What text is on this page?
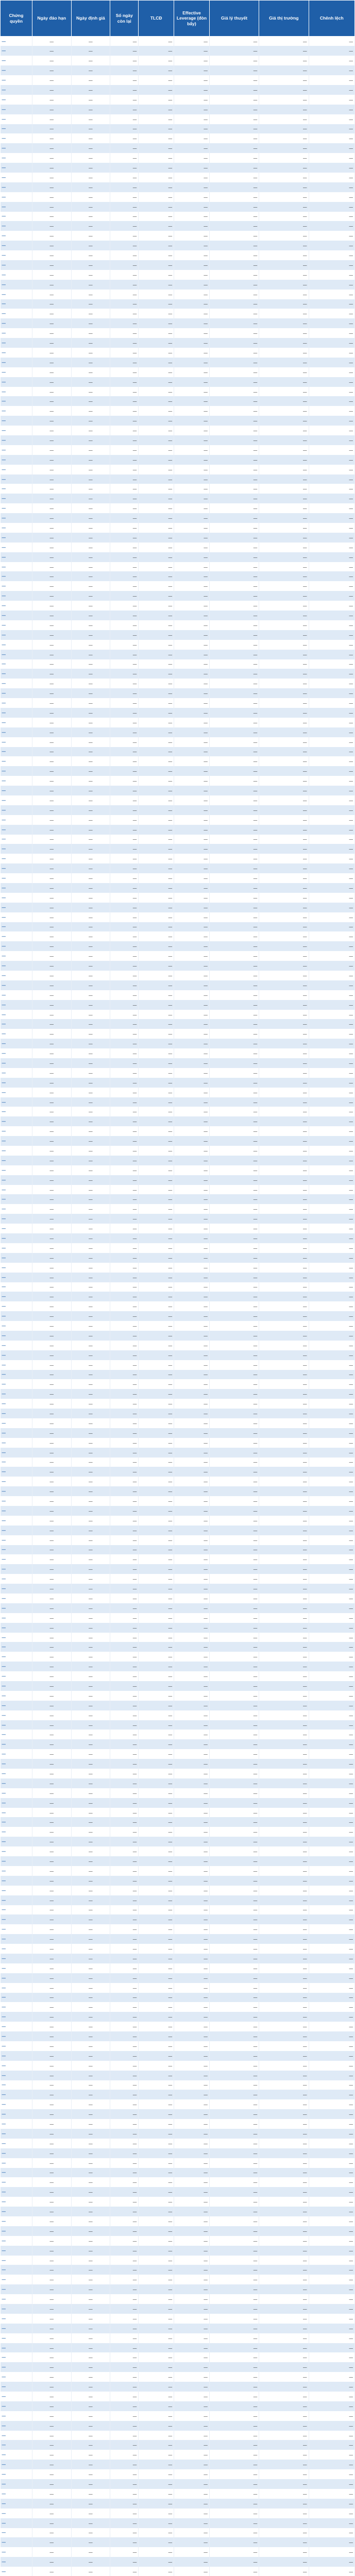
Chứng quyền	Ngày đáo hạn	Ngày định giá	Số ngày còn lại	TLCĐ	Effective Leverage (đòn bẩy)	Giá lý thuyết	Giá thị trường	Chênh lệch
—	—	—	—	—	—	—	—	—
—	—	—	—	—	—	—	—	—
—	—	—	—	—	—	—	—	—
—	—	—	—	—	—	—	—	—
—	—	—	—	—	—	—	—	—
—	—	—	—	—	—	—	—	—
—	—	—	—	—	—	—	—	—
—	—	—	—	—	—	—	—	—
—	—	—	—	—	—	—	—	—
—	—	—	—	—	—	—	—	—
—	—	—	—	—	—	—	—	—
—	—	—	—	—	—	—	—	—
—	—	—	—	—	—	—	—	—
—	—	—	—	—	—	—	—	—
—	—	—	—	—	—	—	—	—
—	—	—	—	—	—	—	—	—
—	—	—	—	—	—	—	—	—
—	—	—	—	—	—	—	—	—
—	—	—	—	—	—	—	—	—
—	—	—	—	—	—	—	—	—
—	—	—	—	—	—	—	—	—
—	—	—	—	—	—	—	—	—
—	—	—	—	—	—	—	—	—
—	—	—	—	—	—	—	—	—
—	—	—	—	—	—	—	—	—
—	—	—	—	—	—	—	—	—
—	—	—	—	—	—	—	—	—
—	—	—	—	—	—	—	—	—
—	—	—	—	—	—	—	—	—
—	—	—	—	—	—	—	—	—
—	—	—	—	—	—	—	—	—
—	—	—	—	—	—	—	—	—
—	—	—	—	—	—	—	—	—
—	—	—	—	—	—	—	—	—
—	—	—	—	—	—	—	—	—
—	—	—	—	—	—	—	—	—
—	—	—	—	—	—	—	—	—
—	—	—	—	—	—	—	—	—
—	—	—	—	—	—	—	—	—
—	—	—	—	—	—	—	—	—
—	—	—	—	—	—	—	—	—
—	—	—	—	—	—	—	—	—
—	—	—	—	—	—	—	—	—
—	—	—	—	—	—	—	—	—
—	—	—	—	—	—	—	—	—
—	—	—	—	—	—	—	—	—
—	—	—	—	—	—	—	—	—
—	—	—	—	—	—	—	—	—
—	—	—	—	—	—	—	—	—
—	—	—	—	—	—	—	—	—
—	—	—	—	—	—	—	—	—
—	—	—	—	—	—	—	—	—
—	—	—	—	—	—	—	—	—
—	—	—	—	—	—	—	—	—
—	—	—	—	—	—	—	—	—
—	—	—	—	—	—	—	—	—
—	—	—	—	—	—	—	—	—
—	—	—	—	—	—	—	—	—
—	—	—	—	—	—	—	—	—
—	—	—	—	—	—	—	—	—
—	—	—	—	—	—	—	—	—
—	—	—	—	—	—	—	—	—
—	—	—	—	—	—	—	—	—
—	—	—	—	—	—	—	—	—
—	—	—	—	—	—	—	—	—
—	—	—	—	—	—	—	—	—
—	—	—	—	—	—	—	—	—
—	—	—	—	—	—	—	—	—
—	—	—	—	—	—	—	—	—
—	—	—	—	—	—	—	—	—
—	—	—	—	—	—	—	—	—
—	—	—	—	—	—	—	—	—
—	—	—	—	—	—	—	—	—
—	—	—	—	—	—	—	—	—
—	—	—	—	—	—	—	—	—
—	—	—	—	—	—	—	—	—
—	—	—	—	—	—	—	—	—
—	—	—	—	—	—	—	—	—
—	—	—	—	—	—	—	—	—
—	—	—	—	—	—	—	—	—
—	—	—	—	—	—	—	—	—
—	—	—	—	—	—	—	—	—
—	—	—	—	—	—	—	—	—
—	—	—	—	—	—	—	—	—
—	—	—	—	—	—	—	—	—
—	—	—	—	—	—	—	—	—
—	—	—	—	—	—	—	—	—
—	—	—	—	—	—	—	—	—
—	—	—	—	—	—	—	—	—
—	—	—	—	—	—	—	—	—
—	—	—	—	—	—	—	—	—
—	—	—	—	—	—	—	—	—
—	—	—	—	—	—	—	—	—
—	—	—	—	—	—	—	—	—
—	—	—	—	—	—	—	—	—
—	—	—	—	—	—	—	—	—
—	—	—	—	—	—	—	—	—
—	—	—	—	—	—	—	—	—
—	—	—	—	—	—	—	—	—
—	—	—	—	—	—	—	—	—
—	—	—	—	—	—	—	—	—
—	—	—	—	—	—	—	—	—
—	—	—	—	—	—	—	—	—
—	—	—	—	—	—	—	—	—
—	—	—	—	—	—	—	—	—
—	—	—	—	—	—	—	—	—
—	—	—	—	—	—	—	—	—
—	—	—	—	—	—	—	—	—
—	—	—	—	—	—	—	—	—
—	—	—	—	—	—	—	—	—
—	—	—	—	—	—	—	—	—
—	—	—	—	—	—	—	—	—
—	—	—	—	—	—	—	—	—
—	—	—	—	—	—	—	—	—
—	—	—	—	—	—	—	—	—
—	—	—	—	—	—	—	—	—
—	—	—	—	—	—	—	—	—
—	—	—	—	—	—	—	—	—
—	—	—	—	—	—	—	—	—
—	—	—	—	—	—	—	—	—
—	—	—	—	—	—	—	—	—
—	—	—	—	—	—	—	—	—
—	—	—	—	—	—	—	—	—
—	—	—	—	—	—	—	—	—
—	—	—	—	—	—	—	—	—
—	—	—	—	—	—	—	—	—
—	—	—	—	—	—	—	—	—
—	—	—	—	—	—	—	—	—
—	—	—	—	—	—	—	—	—
—	—	—	—	—	—	—	—	—
—	—	—	—	—	—	—	—	—
—	—	—	—	—	—	—	—	—
—	—	—	—	—	—	—	—	—
—	—	—	—	—	—	—	—	—
—	—	—	—	—	—	—	—	—
—	—	—	—	—	—	—	—	—
—	—	—	—	—	—	—	—	—
—	—	—	—	—	—	—	—	—
—	—	—	—	—	—	—	—	—
—	—	—	—	—	—	—	—	—
—	—	—	—	—	—	—	—	—
—	—	—	—	—	—	—	—	—
—	—	—	—	—	—	—	—	—
—	—	—	—	—	—	—	—	—
—	—	—	—	—	—	—	—	—
—	—	—	—	—	—	—	—	—
—	—	—	—	—	—	—	—	—
—	—	—	—	—	—	—	—	—
—	—	—	—	—	—	—	—	—
—	—	—	—	—	—	—	—	—
—	—	—	—	—	—	—	—	—
—	—	—	—	—	—	—	—	—
—	—	—	—	—	—	—	—	—
—	—	—	—	—	—	—	—	—
—	—	—	—	—	—	—	—	—
—	—	—	—	—	—	—	—	—
—	—	—	—	—	—	—	—	—
—	—	—	—	—	—	—	—	—
—	—	—	—	—	—	—	—	—
—	—	—	—	—	—	—	—	—
—	—	—	—	—	—	—	—	—
—	—	—	—	—	—	—	—	—
—	—	—	—	—	—	—	—	—
—	—	—	—	—	—	—	—	—
—	—	—	—	—	—	—	—	—
—	—	—	—	—	—	—	—	—
—	—	—	—	—	—	—	—	—
—	—	—	—	—	—	—	—	—
—	—	—	—	—	—	—	—	—
—	—	—	—	—	—	—	—	—
—	—	—	—	—	—	—	—	—
—	—	—	—	—	—	—	—	—
—	—	—	—	—	—	—	—	—
—	—	—	—	—	—	—	—	—
—	—	—	—	—	—	—	—	—
—	—	—	—	—	—	—	—	—
—	—	—	—	—	—	—	—	—
—	—	—	—	—	—	—	—	—
—	—	—	—	—	—	—	—	—
—	—	—	—	—	—	—	—	—
—	—	—	—	—	—	—	—	—
—	—	—	—	—	—	—	—	—
—	—	—	—	—	—	—	—	—
—	—	—	—	—	—	—	—	—
—	—	—	—	—	—	—	—	—
—	—	—	—	—	—	—	—	—
—	—	—	—	—	—	—	—	—
—	—	—	—	—	—	—	—	—
—	—	—	—	—	—	—	—	—
—	—	—	—	—	—	—	—	—
—	—	—	—	—	—	—	—	—
—	—	—	—	—	—	—	—	—
—	—	—	—	—	—	—	—	—
—	—	—	—	—	—	—	—	—
—	—	—	—	—	—	—	—	—
—	—	—	—	—	—	—	—	—
—	—	—	—	—	—	—	—	—
—	—	—	—	—	—	—	—	—
—	—	—	—	—	—	—	—	—
—	—	—	—	—	—	—	—	—
—	—	—	—	—	—	—	—	—
—	—	—	—	—	—	—	—	—
—	—	—	—	—	—	—	—	—
—	—	—	—	—	—	—	—	—
—	—	—	—	—	—	—	—	—
—	—	—	—	—	—	—	—	—
—	—	—	—	—	—	—	—	—
—	—	—	—	—	—	—	—	—
—	—	—	—	—	—	—	—	—
—	—	—	—	—	—	—	—	—
—	—	—	—	—	—	—	—	—
—	—	—	—	—	—	—	—	—
—	—	—	—	—	—	—	—	—
—	—	—	—	—	—	—	—	—
—	—	—	—	—	—	—	—	—
—	—	—	—	—	—	—	—	—
—	—	—	—	—	—	—	—	—
—	—	—	—	—	—	—	—	—
—	—	—	—	—	—	—	—	—
—	—	—	—	—	—	—	—	—
—	—	—	—	—	—	—	—	—
—	—	—	—	—	—	—	—	—
—	—	—	—	—	—	—	—	—
—	—	—	—	—	—	—	—	—
—	—	—	—	—	—	—	—	—
—	—	—	—	—	—	—	—	—
—	—	—	—	—	—	—	—	—
—	—	—	—	—	—	—	—	—
—	—	—	—	—	—	—	—	—
—	—	—	—	—	—	—	—	—
—	—	—	—	—	—	—	—	—
—	—	—	—	—	—	—	—	—
—	—	—	—	—	—	—	—	—
—	—	—	—	—	—	—	—	—
—	—	—	—	—	—	—	—	—
—	—	—	—	—	—	—	—	—
—	—	—	—	—	—	—	—	—
—	—	—	—	—	—	—	—	—
—	—	—	—	—	—	—	—	—
—	—	—	—	—	—	—	—	—
—	—	—	—	—	—	—	—	—
—	—	—	—	—	—	—	—	—
—	—	—	—	—	—	—	—	—
—	—	—	—	—	—	—	—	—
—	—	—	—	—	—	—	—	—
—	—	—	—	—	—	—	—	—
—	—	—	—	—	—	—	—	—
—	—	—	—	—	—	—	—	—
—	—	—	—	—	—	—	—	—
—	—	—	—	—	—	—	—	—
—	—	—	—	—	—	—	—	—
—	—	—	—	—	—	—	—	—
—	—	—	—	—	—	—	—	—
—	—	—	—	—	—	—	—	—
—	—	—	—	—	—	—	—	—
—	—	—	—	—	—	—	—	—
—	—	—	—	—	—	—	—	—
—	—	—	—	—	—	—	—	—
—	—	—	—	—	—	—	—	—
—	—	—	—	—	—	—	—	—
—	—	—	—	—	—	—	—	—
